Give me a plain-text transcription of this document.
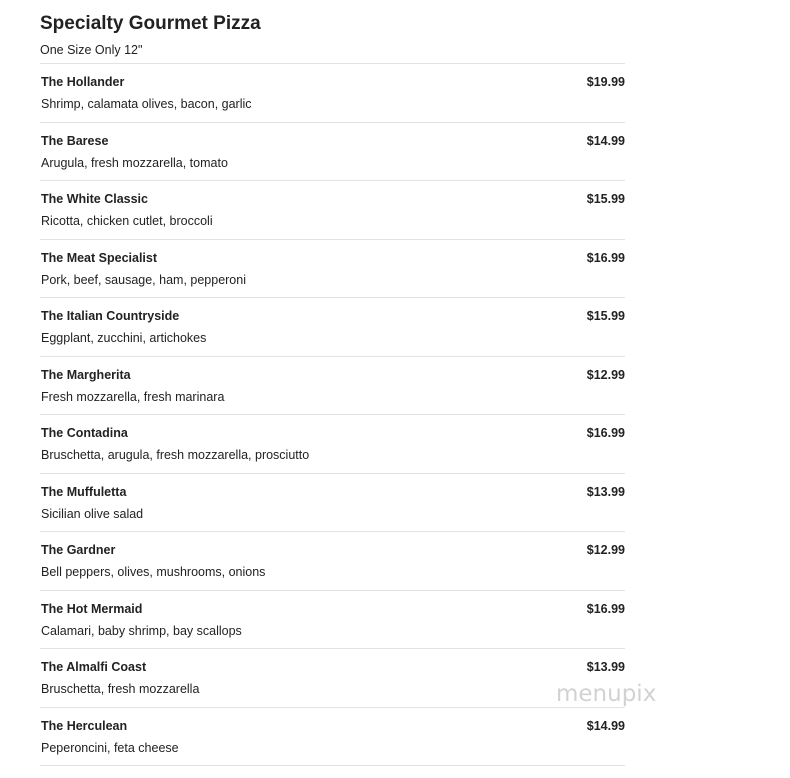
Specialty Gourmet Pizza
One Size Only 12"
The Hollander	$19.99
Shrimp, calamata olives, bacon, garlic
The Barese	$14.99
Arugula, fresh mozzarella, tomato
The White Classic	$15.99
Ricotta, chicken cutlet, broccoli
The Meat Specialist	$16.99
Pork, beef, sausage, ham, pepperoni
The Italian Countryside	$15.99
Eggplant, zucchini, artichokes
The Margherita	$12.99
Fresh mozzarella, fresh marinara
The Contadina	$16.99
Bruschetta, arugula, fresh mozzarella, prosciutto
The Muffuletta	$13.99
Sicilian olive salad
The Gardner	$12.99
Bell peppers, olives, mushrooms, onions
The Hot Mermaid	$16.99
Calamari, baby shrimp, bay scallops
The Almalfi Coast	$13.99
Bruschetta, fresh mozzarella
The Herculean	$14.99
Peperoncini, feta cheese
menupix
